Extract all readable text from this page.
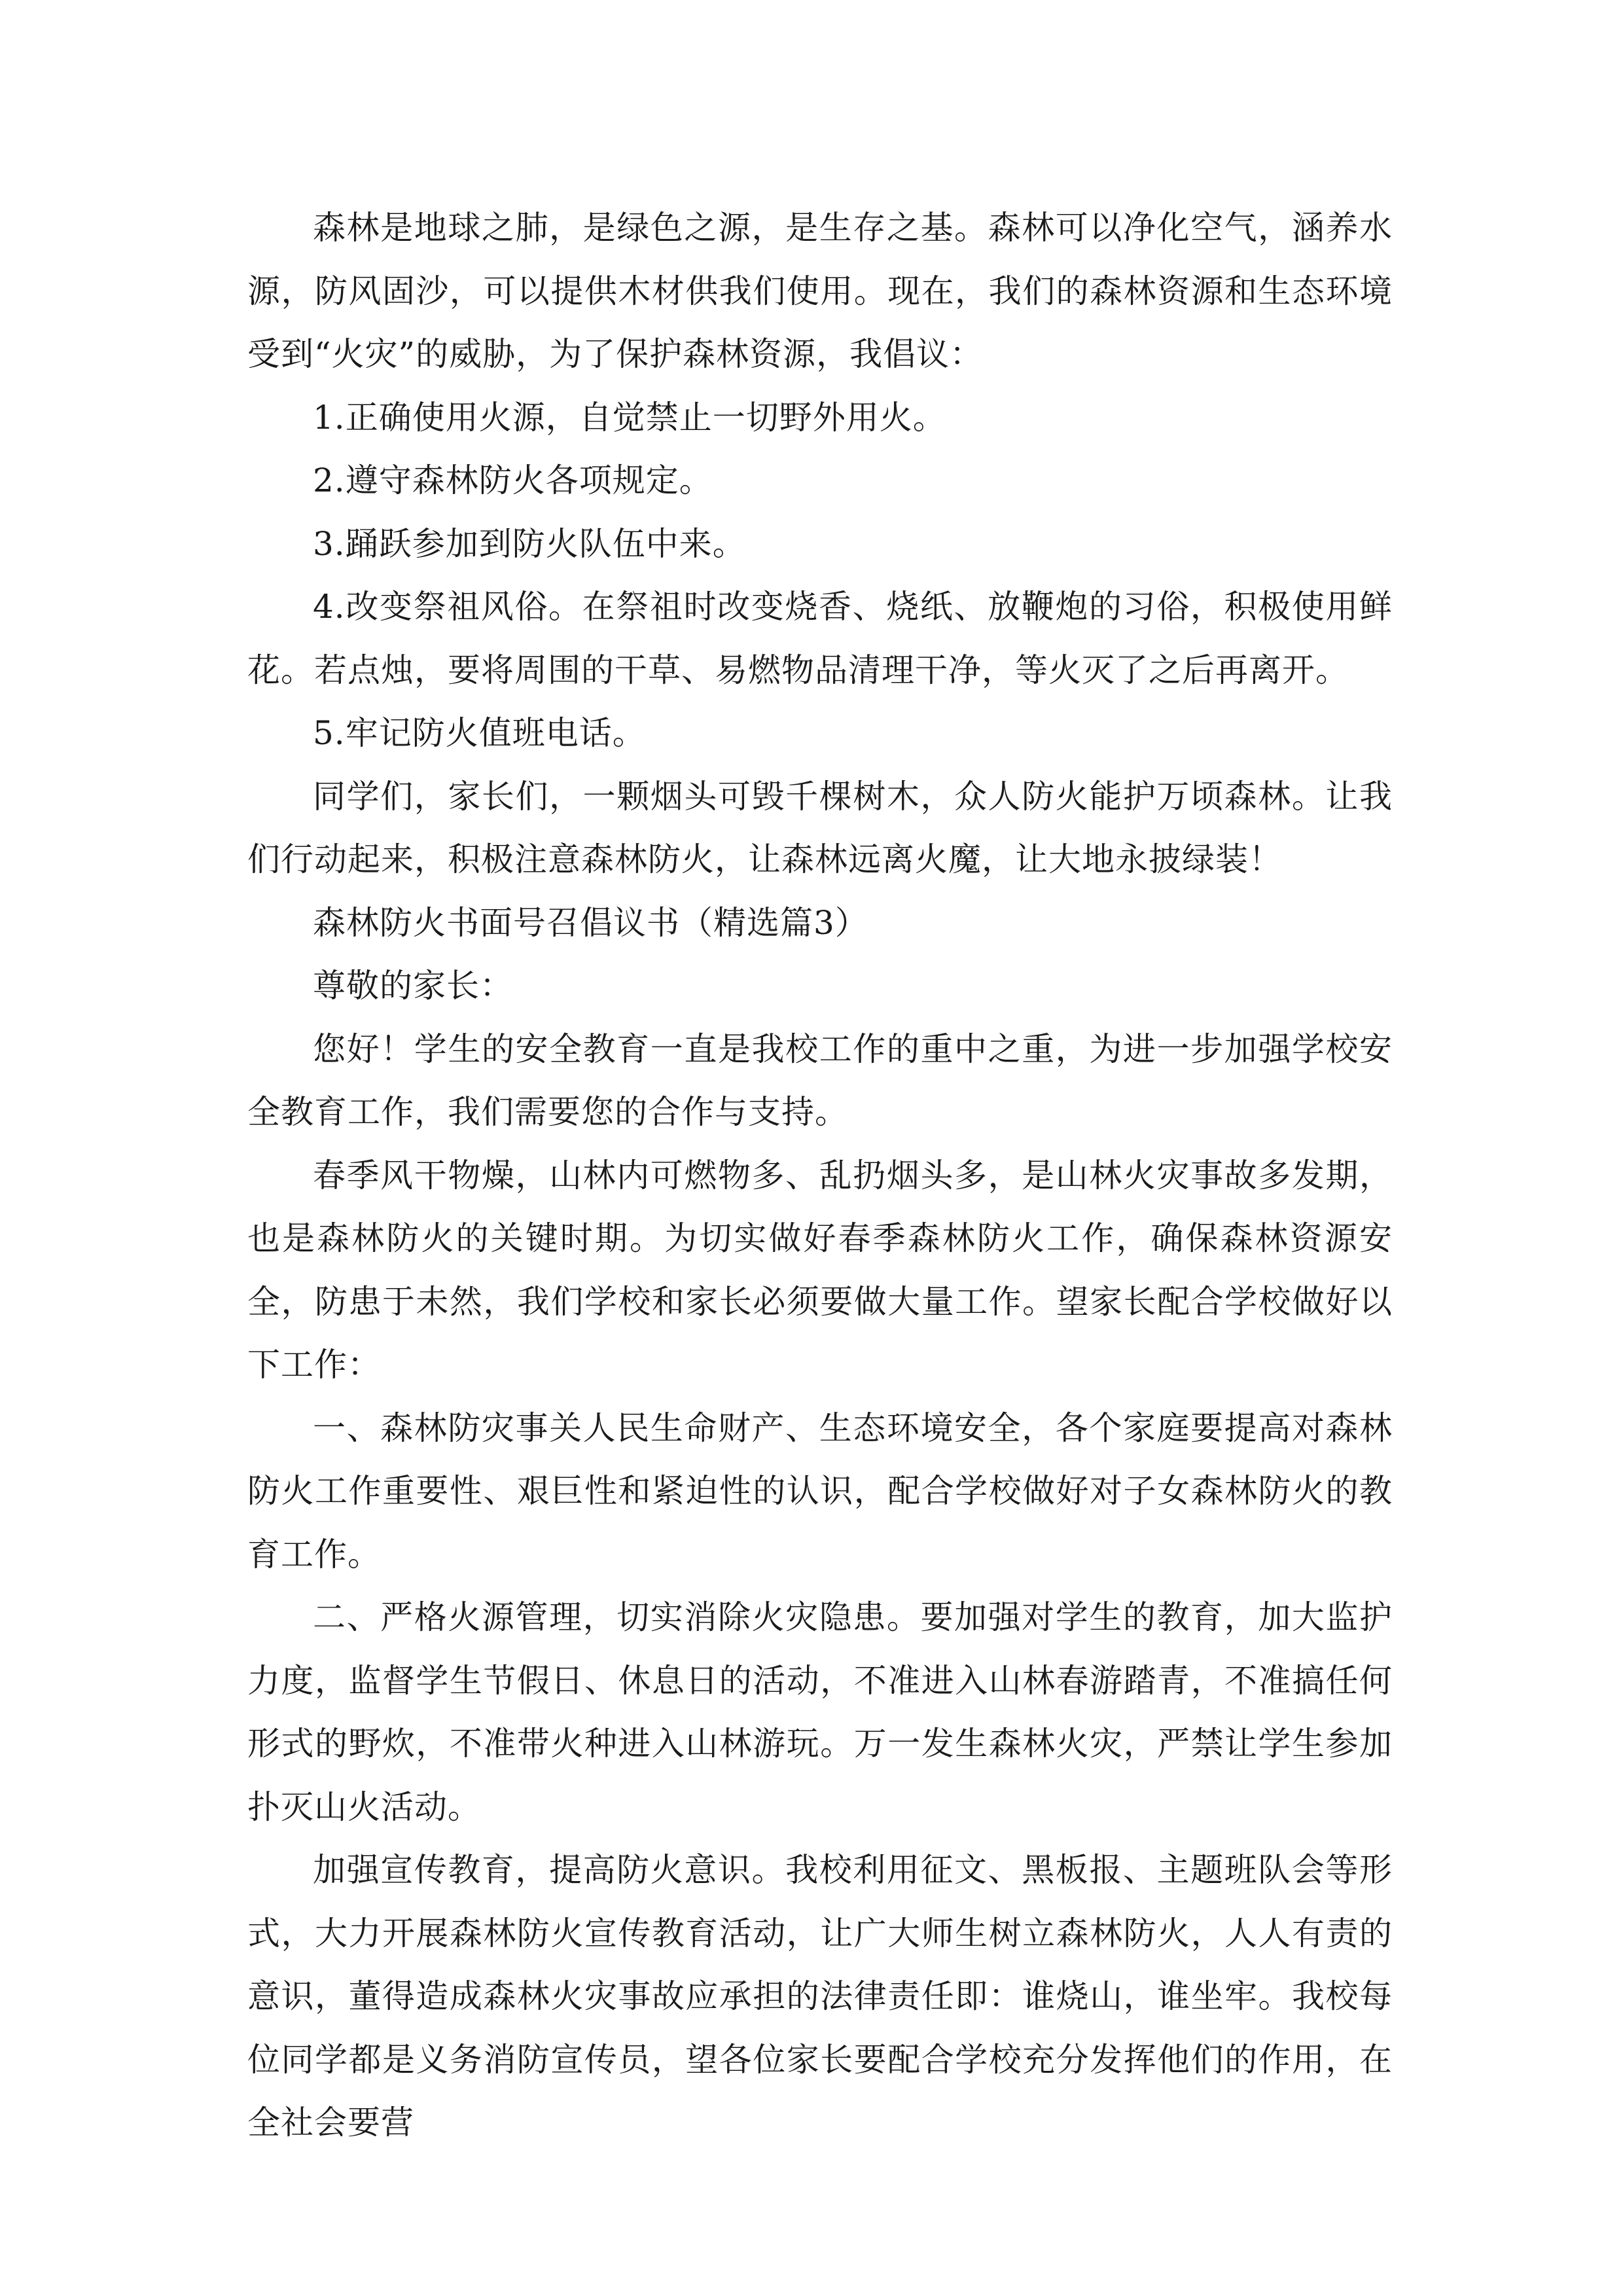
森林是地球之肺，是绿色之源，是生存之基。森林可以净化空气，涵养水源，防风固沙，可以提供木材供我们使用。现在，我们的森林资源和生态环境受到“火灾”的威胁，为了保护森林资源，我倡议：

1.正确使用火源，自觉禁止一切野外用火。

2.遵守森林防火各项规定。

3.踊跃参加到防火队伍中来。

4.改变祭祖风俗。在祭祖时改变烧香、烧纸、放鞭炮的习俗，积极使用鲜花。若点烛，要将周围的干草、易燃物品清理干净，等火灭了之后再离开。

5.牢记防火值班电话。

同学们，家长们，一颗烟头可毁千棵树木，众人防火能护万顷森林。让我们行动起来，积极注意森林防火，让森林远离火魔，让大地永披绿装！

森林防火书面号召倡议书（精选篇3）

尊敬的家长：

您好！学生的安全教育一直是我校工作的重中之重，为进一步加强学校安全教育工作，我们需要您的合作与支持。

春季风干物燥，山林内可燃物多、乱扔烟头多，是山林火灾事故多发期，也是森林防火的关键时期。为切实做好春季森林防火工作，确保森林资源安全，防患于未然，我们学校和家长必须要做大量工作。望家长配合学校做好以下工作：

一、森林防灾事关人民生命财产、生态环境安全，各个家庭要提高对森林防火工作重要性、艰巨性和紧迫性的认识，配合学校做好对子女森林防火的教育工作。

二、严格火源管理，切实消除火灾隐患。要加强对学生的教育，加大监护力度，监督学生节假日、休息日的活动，不准进入山林春游踏青，不准搞任何形式的野炊，不准带火种进入山林游玩。万一发生森林火灾，严禁让学生参加扑灭山火活动。

加强宣传教育，提高防火意识。我校利用征文、黑板报、主题班队会等形式，大力开展森林防火宣传教育活动，让广大师生树立森林防火，人人有责的意识，董得造成森林火灾事故应承担的法律责任即：谁烧山，谁坐牢。我校每位同学都是义务消防宣传员，望各位家长要配合学校充分发挥他们的作用，在全社会要营
